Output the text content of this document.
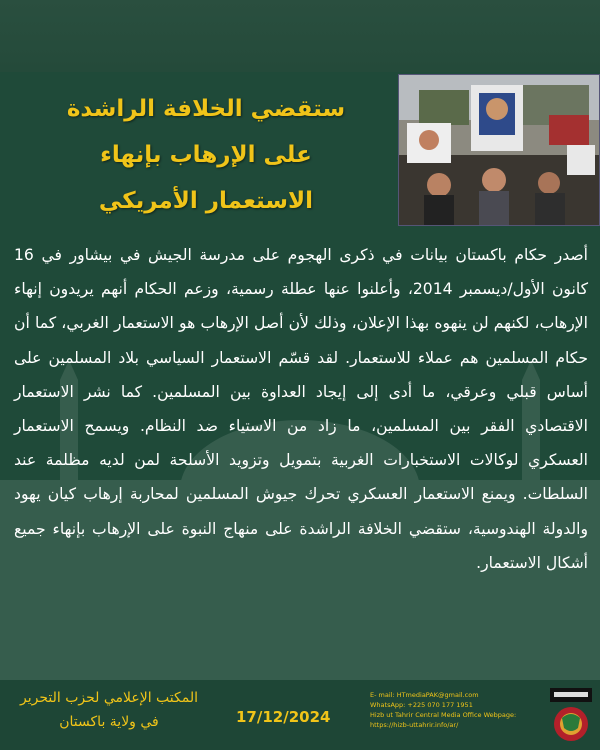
ستقضي الخلافة الراشدة
على الإرهاب بإنهاء
الاستعمار الأمريكي
أصدر حكام باكستان بيانات في ذكرى الهجوم على مدرسة الجيش في بيشاور في 16 كانون الأول/ديسمبر 2014، وأعلنوا عنها عطلة رسمية، وزعم الحكام أنهم يريدون إنهاء الإرهاب، لكنهم لن ينهوه بهذا الإعلان، وذلك لأن أصل الإرهاب هو الاستعمار الغربي، كما أن حكام المسلمين هم عملاء للاستعمار. لقد قسّم الاستعمار السياسي بلاد المسلمين على أساس قبلي وعرقي، ما أدى إلى إيجاد العداوة بين المسلمين. كما نشر الاستعمار الاقتصادي الفقر بين المسلمين، ما زاد من الاستياء ضد النظام. ويسمح الاستعمار العسكري لوكالات الاستخبارات الغربية بتمويل وتزويد الأسلحة لمن لديه مظلمة عند السلطات. ويمنع الاستعمار العسكري تحرك جيوش المسلمين لمحاربة إرهاب كيان يهود والدولة الهندوسية، ستقضي الخلافة الراشدة على منهاج النبوة على الإرهاب بإنهاء جميع أشكال الاستعمار.
المكتب الإعلامي لحزب التحرير
في ولاية باكستان	17/12/2024
E- mail: HTmediaPAK@gmail.com
WhatsApp: +225 070 177 1951
Hizb ut Tahrir Central Media Office Webpage:
https://hizb-uttahrir.info/ar/
